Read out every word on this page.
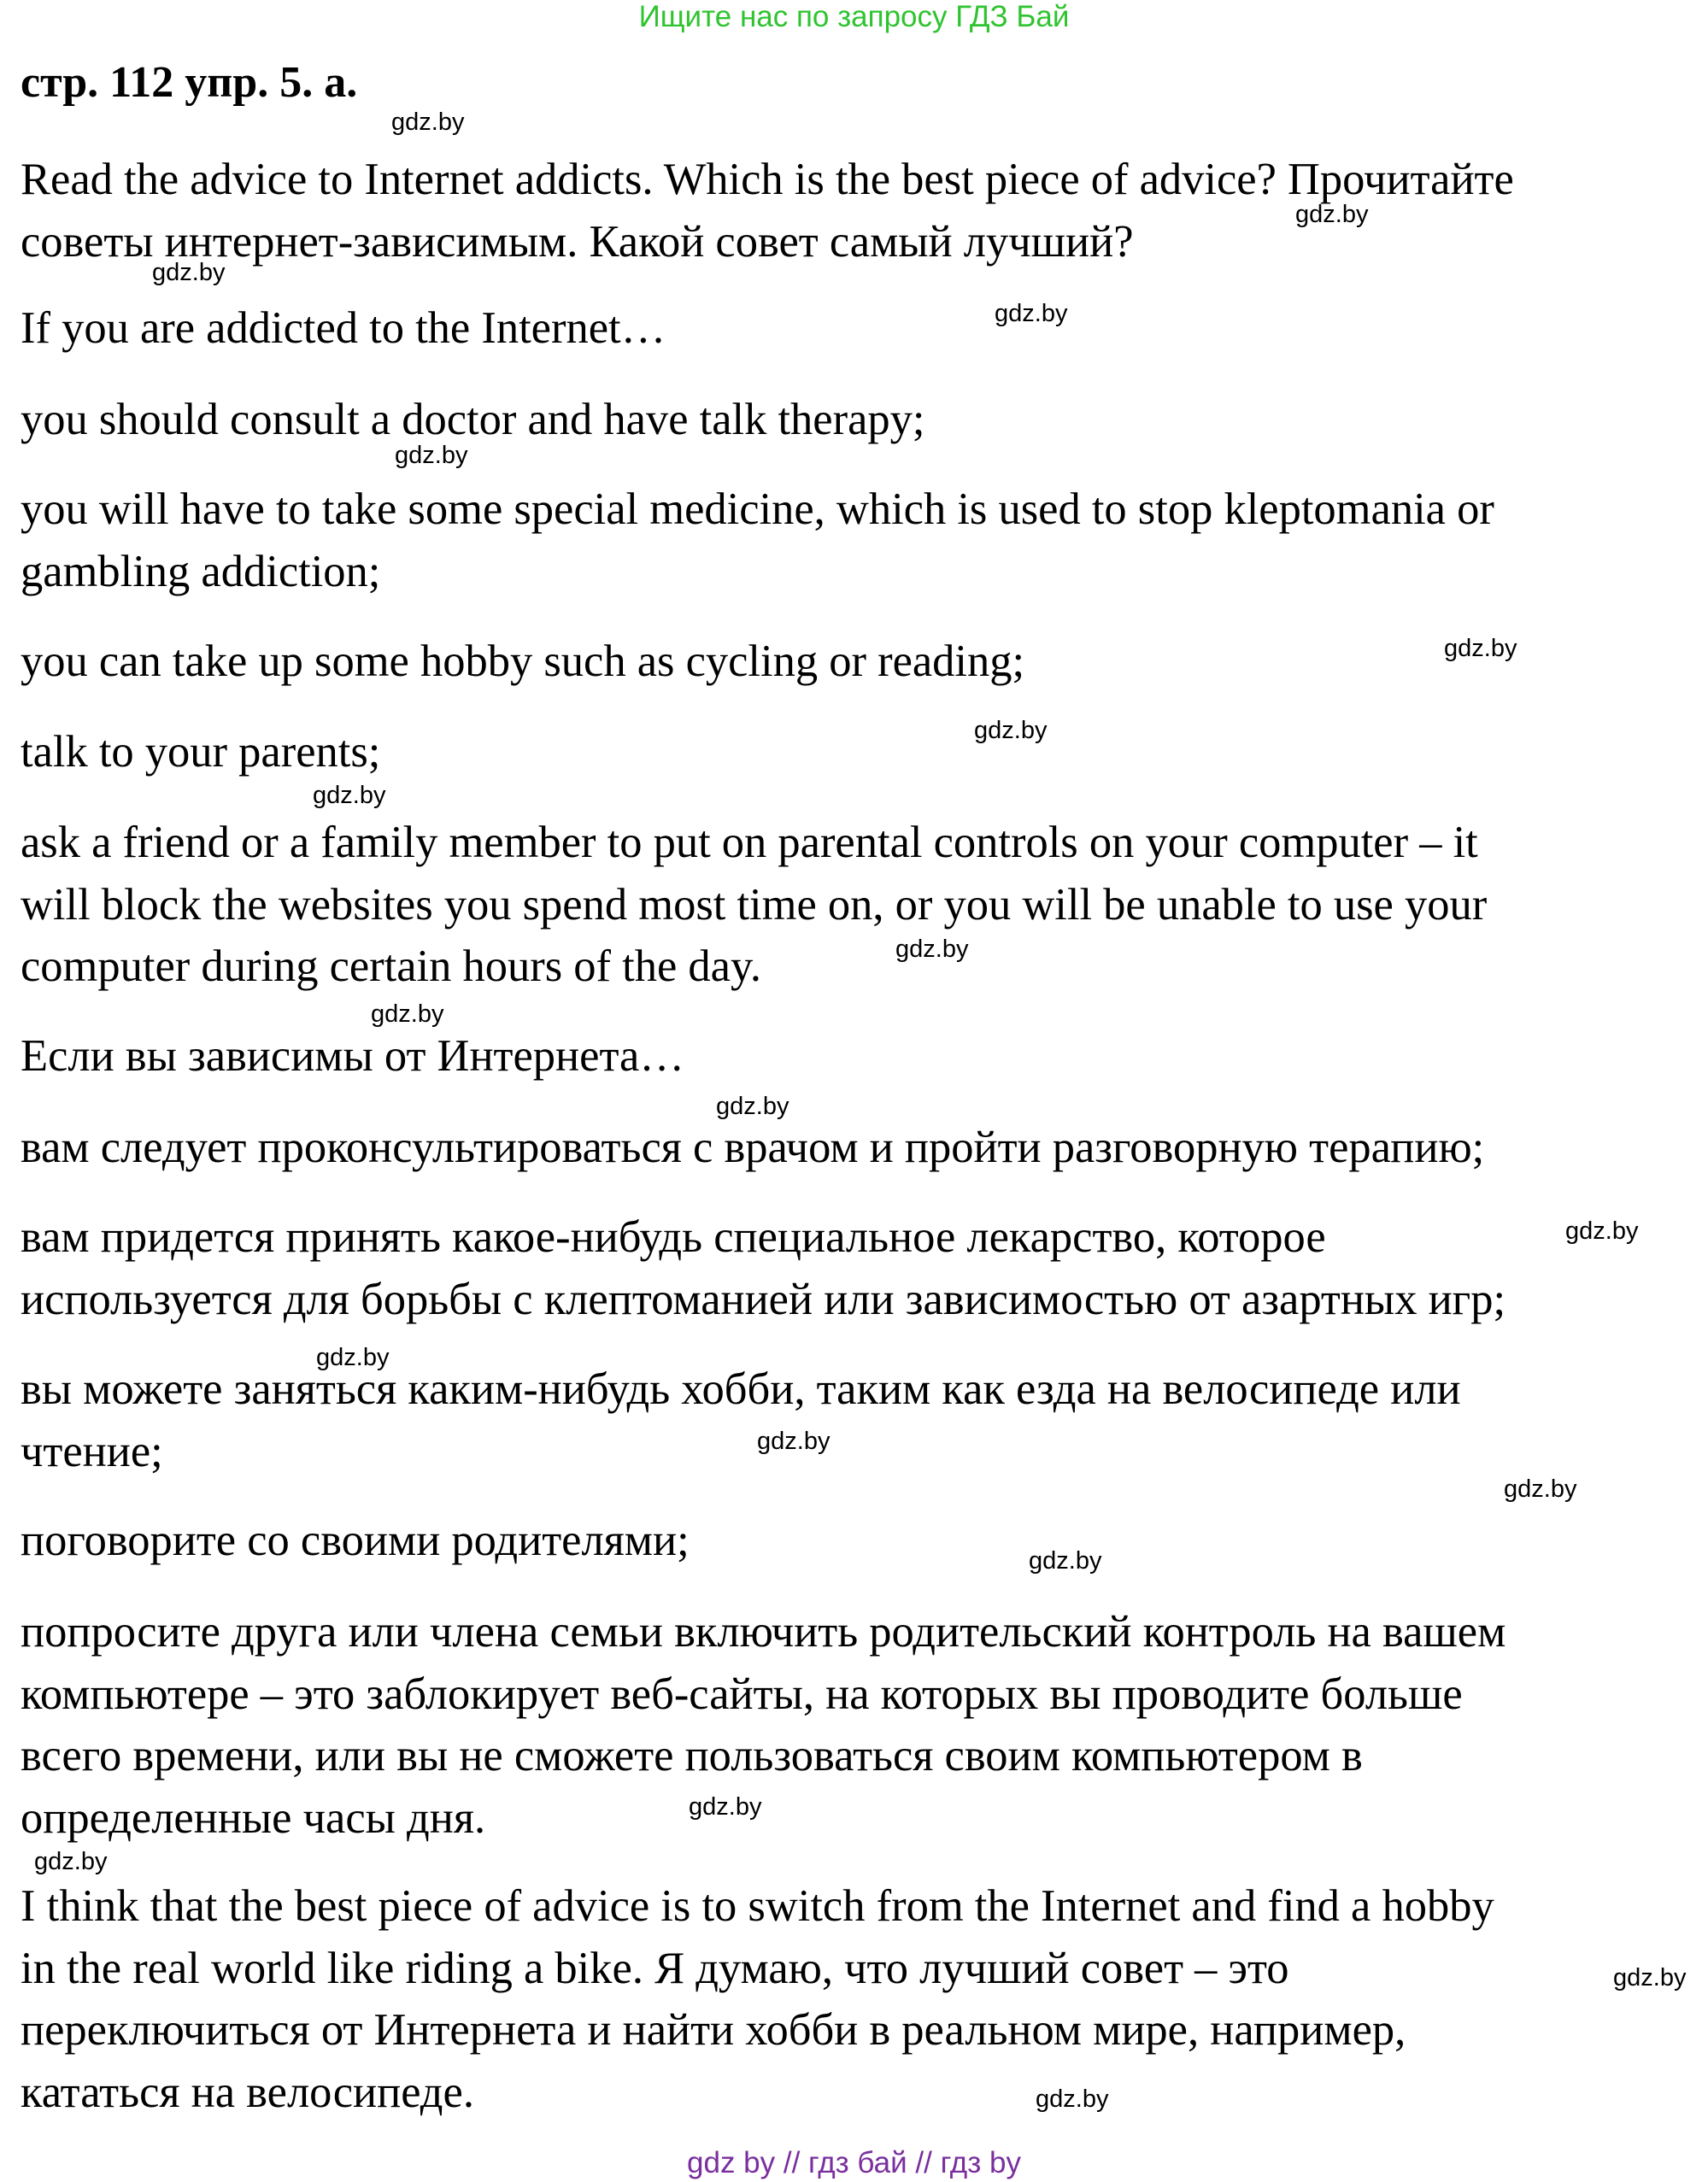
Ищите нас по запросу ГДЗ Бай
стр. 112 упр. 5. а.
Read the advice to Internet addicts. Which is the best piece of advice? Прочитайте
советы интернет-зависимым. Какой совет самый лучший?
If you are addicted to the Internet…
you should consult a doctor and have talk therapy;
you will have to take some special medicine, which is used to stop kleptomania or
gambling addiction;
you can take up some hobby such as cycling or reading;
talk to your parents;
ask a friend or a family member to put on parental controls on your computer – it
will block the websites you spend most time on, or you will be unable to use your
computer during certain hours of the day.
Если вы зависимы от Интернета…
вам следует проконсультироваться с врачом и пройти разговорную терапию;
вам придется принять какое-нибудь специальное лекарство, которое
используется для борьбы с клептоманией или зависимостью от азартных игр;
вы можете заняться каким-нибудь хобби, таким как езда на велосипеде или
чтение;
поговорите со своими родителями;
попросите друга или члена семьи включить родительский контроль на вашем
компьютере – это заблокирует веб-сайты, на которых вы проводите больше
всего времени, или вы не сможете пользоваться своим компьютером в
определенные часы дня.
I think that the best piece of advice is to switch from the Internet and find a hobby
in the real world like riding a bike. Я думаю, что лучший совет – это
переключиться от Интернета и найти хобби в реальном мире, например,
кататься на велосипеде.
gdz.by
gdz.by
gdz.by
gdz.by
gdz.by
gdz.by
gdz.by
gdz.by
gdz.by
gdz.by
gdz.by
gdz.by
gdz.by
gdz.by
gdz.by
gdz.by
gdz.by
gdz.by
gdz.by
gdz.by
gdz by // гдз бай // гдз by
